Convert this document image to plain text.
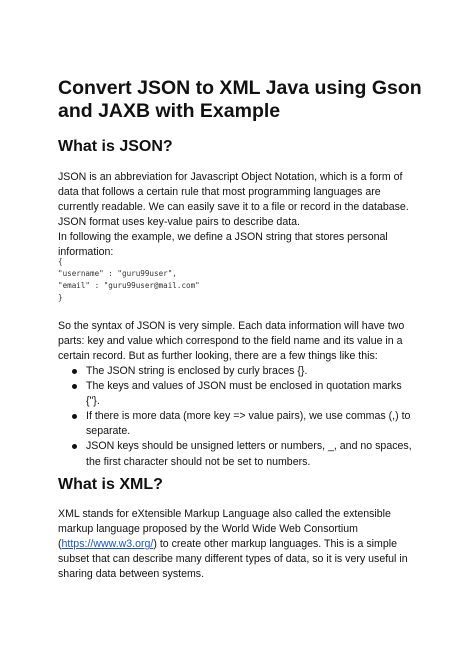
Convert JSON to XML Java using Gson and JAXB with Example
What is JSON?

JSON is an abbreviation for Javascript Object Notation, which is a form of
data that follows a certain rule that most programming languages are
currently readable. We can easily save it to a file or record in the database.
JSON format uses key-value pairs to describe data.
In following the example, we define a JSON string that stores personal
information:

{
"username" : "guru99user",
"email" : "guru99user@mail.com"
}

So the syntax of JSON is very simple. Each data information will have two
parts: key and value which correspond to the field name and its value in a
certain record. But as further looking, there are a few things like this:

The JSON string is enclosed by curly braces {}.
The keys and values of JSON must be enclosed in quotation marks
{"}.
If there is more data (more key => value pairs), we use commas (,) to
separate.
JSON keys should be unsigned letters or numbers, _, and no spaces,
the first character should not be set to numbers.
What is XML?

XML stands for eXtensible Markup Language also called the extensible
markup language proposed by the World Wide Web Consortium
(https://www.w3.org/) to create other markup languages. This is a simple
subset that can describe many different types of data, so it is very useful in
sharing data between systems.
